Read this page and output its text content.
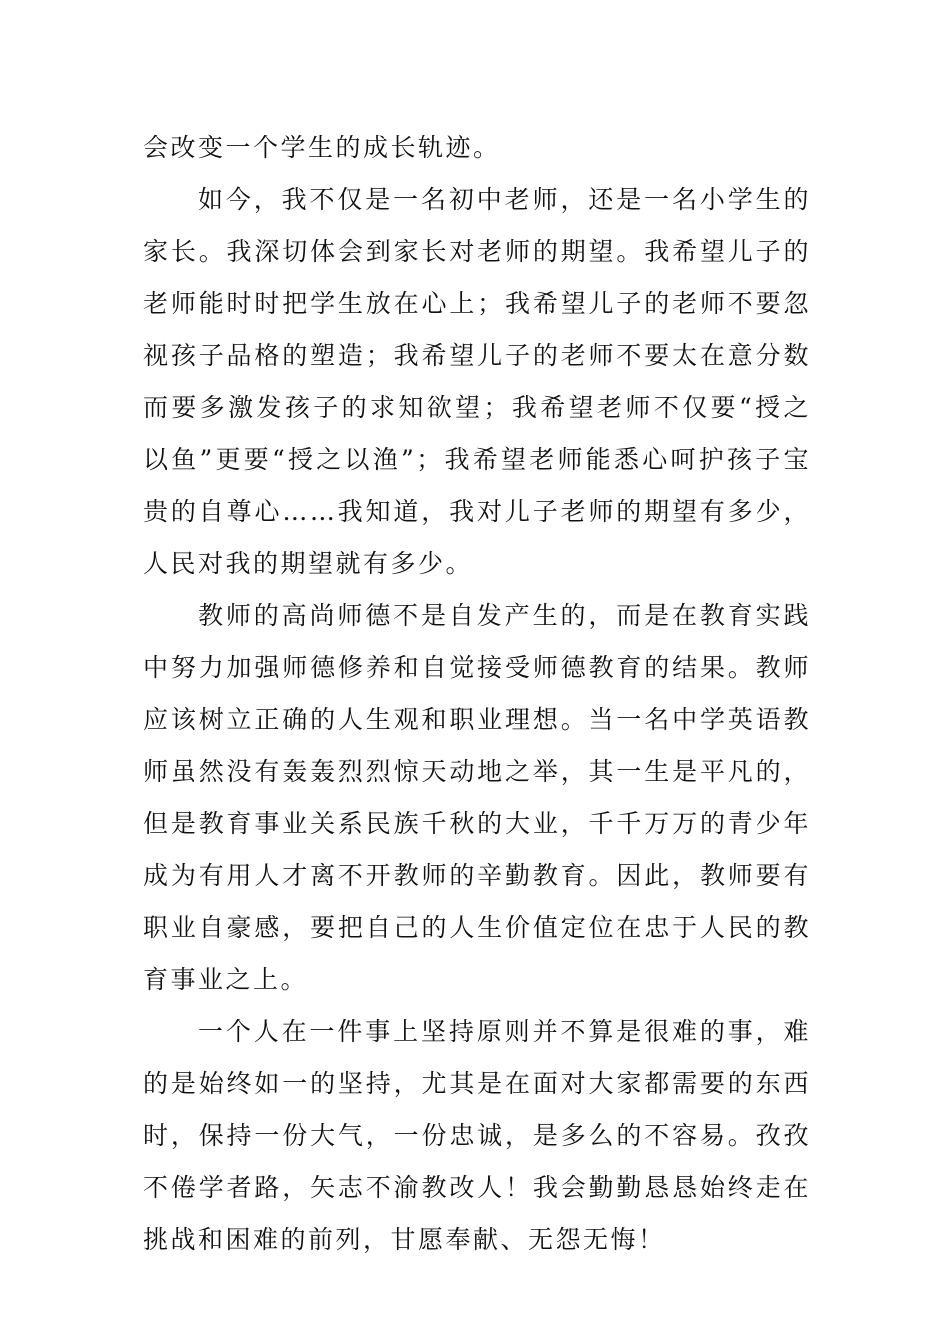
会改变一个学生的成长轨迹。

如今，我不仅是一名初中老师，还是一名小学生的家长。我深切体会到家长对老师的期望。我希望儿子的老师能时时把学生放在心上；我希望儿子的老师不要忽视孩子品格的塑造；我希望儿子的老师不要太在意分数而要多激发孩子的求知欲望；我希望老师不仅要“授之以鱼”更要“授之以渔”；我希望老师能悉心呵护孩子宝贵的自尊心……我知道，我对儿子老师的期望有多少，人民对我的期望就有多少。

教师的高尚师德不是自发产生的，而是在教育实践中努力加强师德修养和自觉接受师德教育的结果。教师应该树立正确的人生观和职业理想。当一名中学英语教师虽然没有轰轰烈烈惊天动地之举，其一生是平凡的，但是教育事业关系民族千秋的大业，千千万万的青少年成为有用人才离不开教师的辛勤教育。因此，教师要有职业自豪感，要把自己的人生价值定位在忠于人民的教育事业之上。

一个人在一件事上坚持原则并不算是很难的事，难的是始终如一的坚持，尤其是在面对大家都需要的东西时，保持一份大气，一份忠诚，是多么的不容易。孜孜不倦学者路，矢志不渝教改人！我会勤勤恳恳始终走在挑战和困难的前列，甘愿奉献、无怨无悔！
